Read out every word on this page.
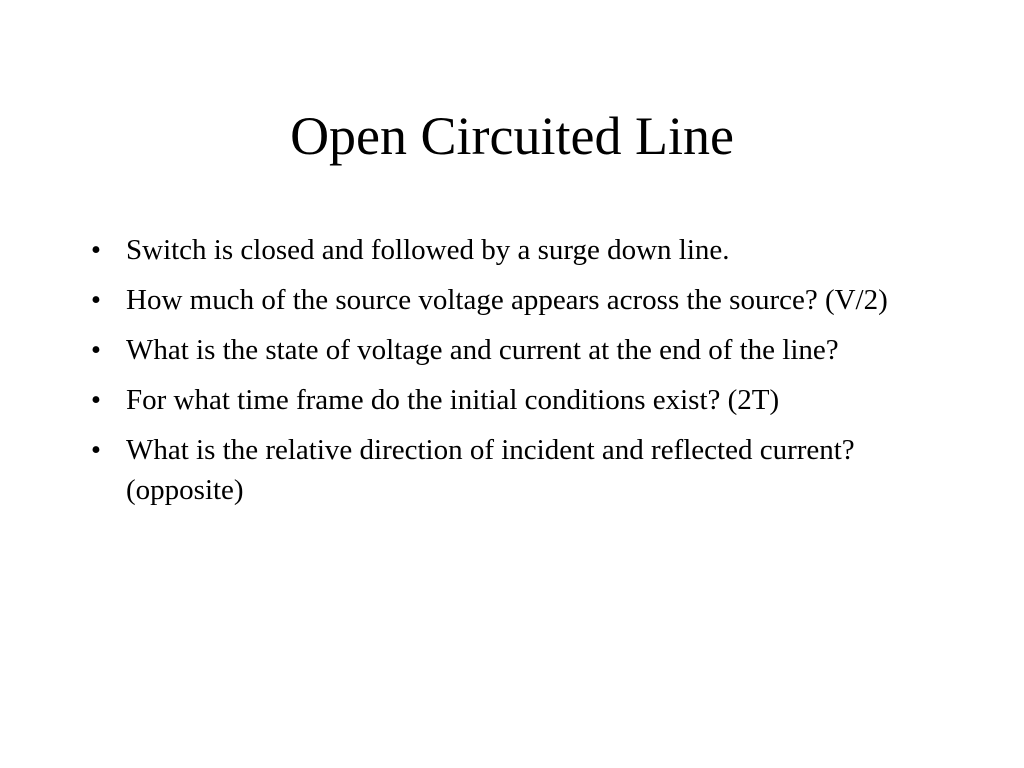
Open Circuited Line
• Switch is closed and followed by a surge down line.
• How much of the source voltage appears across the source? (V/2)
• What is the state of voltage and current at the end of the line?
• For what time frame do the initial conditions exist? (2T)
• What is the relative direction of incident and reflected current?(opposite)
